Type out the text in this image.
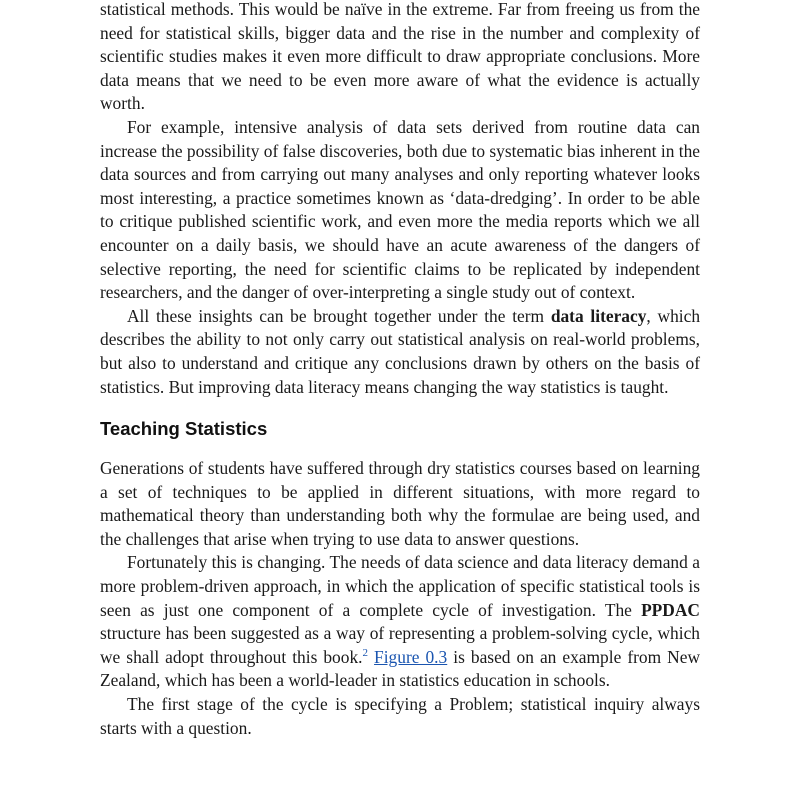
statistical methods. This would be naïve in the extreme. Far from freeing us from the need for statistical skills, bigger data and the rise in the number and complexity of scientific studies makes it even more difficult to draw appropriate conclusions. More data means that we need to be even more aware of what the evidence is actually worth.

For example, intensive analysis of data sets derived from routine data can increase the possibility of false discoveries, both due to systematic bias inherent in the data sources and from carrying out many analyses and only reporting whatever looks most interesting, a practice sometimes known as ‘data-dredging’. In order to be able to critique published scientific work, and even more the media reports which we all encounter on a daily basis, we should have an acute awareness of the dangers of selective reporting, the need for scientific claims to be replicated by independent researchers, and the danger of over-interpreting a single study out of context.

All these insights can be brought together under the term data literacy, which describes the ability to not only carry out statistical analysis on real-world problems, but also to understand and critique any conclusions drawn by others on the basis of statistics. But improving data literacy means changing the way statistics is taught.

Teaching Statistics

Generations of students have suffered through dry statistics courses based on learning a set of techniques to be applied in different situations, with more regard to mathematical theory than understanding both why the formulae are being used, and the challenges that arise when trying to use data to answer questions.

Fortunately this is changing. The needs of data science and data literacy demand a more problem-driven approach, in which the application of specific statistical tools is seen as just one component of a complete cycle of investigation. The PPDAC structure has been suggested as a way of representing a problem-solving cycle, which we shall adopt throughout this book.$^2$ Figure 0.3 is based on an example from New Zealand, which has been a world-leader in statistics education in schools.

The first stage of the cycle is specifying a Problem; statistical inquiry always starts with a question.
